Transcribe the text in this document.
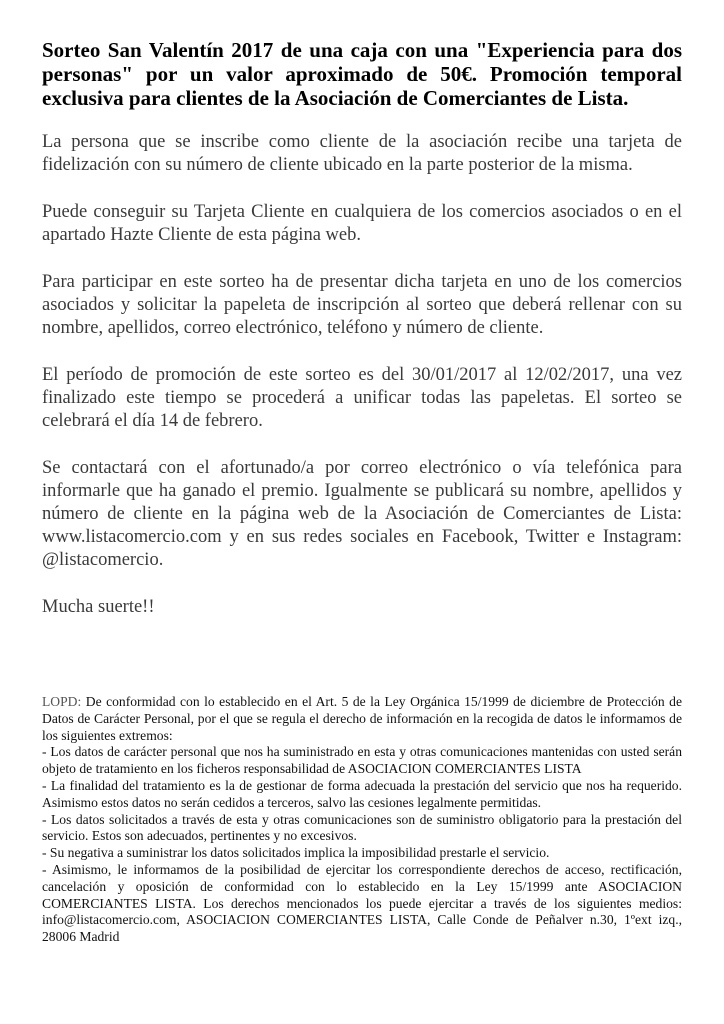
Sorteo San Valentín 2017 de una caja con una "Experiencia para dos personas" por un valor aproximado de 50€. Promoción temporal exclusiva para clientes de la Asociación de Comerciantes de Lista.

La persona que se inscribe como cliente de la asociación recibe una tarjeta de fidelización con su número de cliente ubicado en la parte posterior de la misma.

Puede conseguir su Tarjeta Cliente en cualquiera de los comercios asociados o en el apartado Hazte Cliente de esta página web.

Para participar en este sorteo ha de presentar dicha tarjeta en uno de los comercios asociados y solicitar la papeleta de inscripción al sorteo que deberá rellenar con su nombre, apellidos, correo electrónico, teléfono y número de cliente.

El período de promoción de este sorteo es del 30/01/2017 al 12/02/2017, una vez finalizado este tiempo se procederá a unificar todas las papeletas. El sorteo se celebrará el día 14 de febrero.

Se contactará con el afortunado/a por correo electrónico o vía telefónica para informarle que ha ganado el premio. Igualmente se publicará su nombre, apellidos y número de cliente en la página web de la Asociación de Comerciantes de Lista: www.listacomercio.com y en sus redes sociales en Facebook, Twitter e Instagram: @listacomercio.

Mucha suerte!!

LOPD: De conformidad con lo establecido en el Art. 5 de la Ley Orgánica 15/1999 de diciembre de Protección de Datos de Carácter Personal, por el que se regula el derecho de información en la recogida de datos le informamos de los siguientes extremos:

- Los datos de carácter personal que nos ha suministrado en esta y otras comunicaciones mantenidas con usted serán objeto de tratamiento en los ficheros responsabilidad de ASOCIACION COMERCIANTES LISTA

- La finalidad del tratamiento es la de gestionar de forma adecuada la prestación del servicio que nos ha requerido. Asimismo estos datos no serán cedidos a terceros, salvo las cesiones legalmente permitidas.

- Los datos solicitados a través de esta y otras comunicaciones son de suministro obligatorio para la prestación del servicio. Estos son adecuados, pertinentes y no excesivos.

- Su negativa a suministrar los datos solicitados implica la imposibilidad prestarle el servicio.

- Asimismo, le informamos de la posibilidad de ejercitar los correspondiente derechos de acceso, rectificación, cancelación y oposición de conformidad con lo establecido en la Ley 15/1999 ante ASOCIACION COMERCIANTES LISTA. Los derechos mencionados los puede ejercitar a través de los siguientes medios: info@listacomercio.com, ASOCIACION COMERCIANTES LISTA, Calle Conde de Peñalver n.30, 1ºext izq., 28006 Madrid
